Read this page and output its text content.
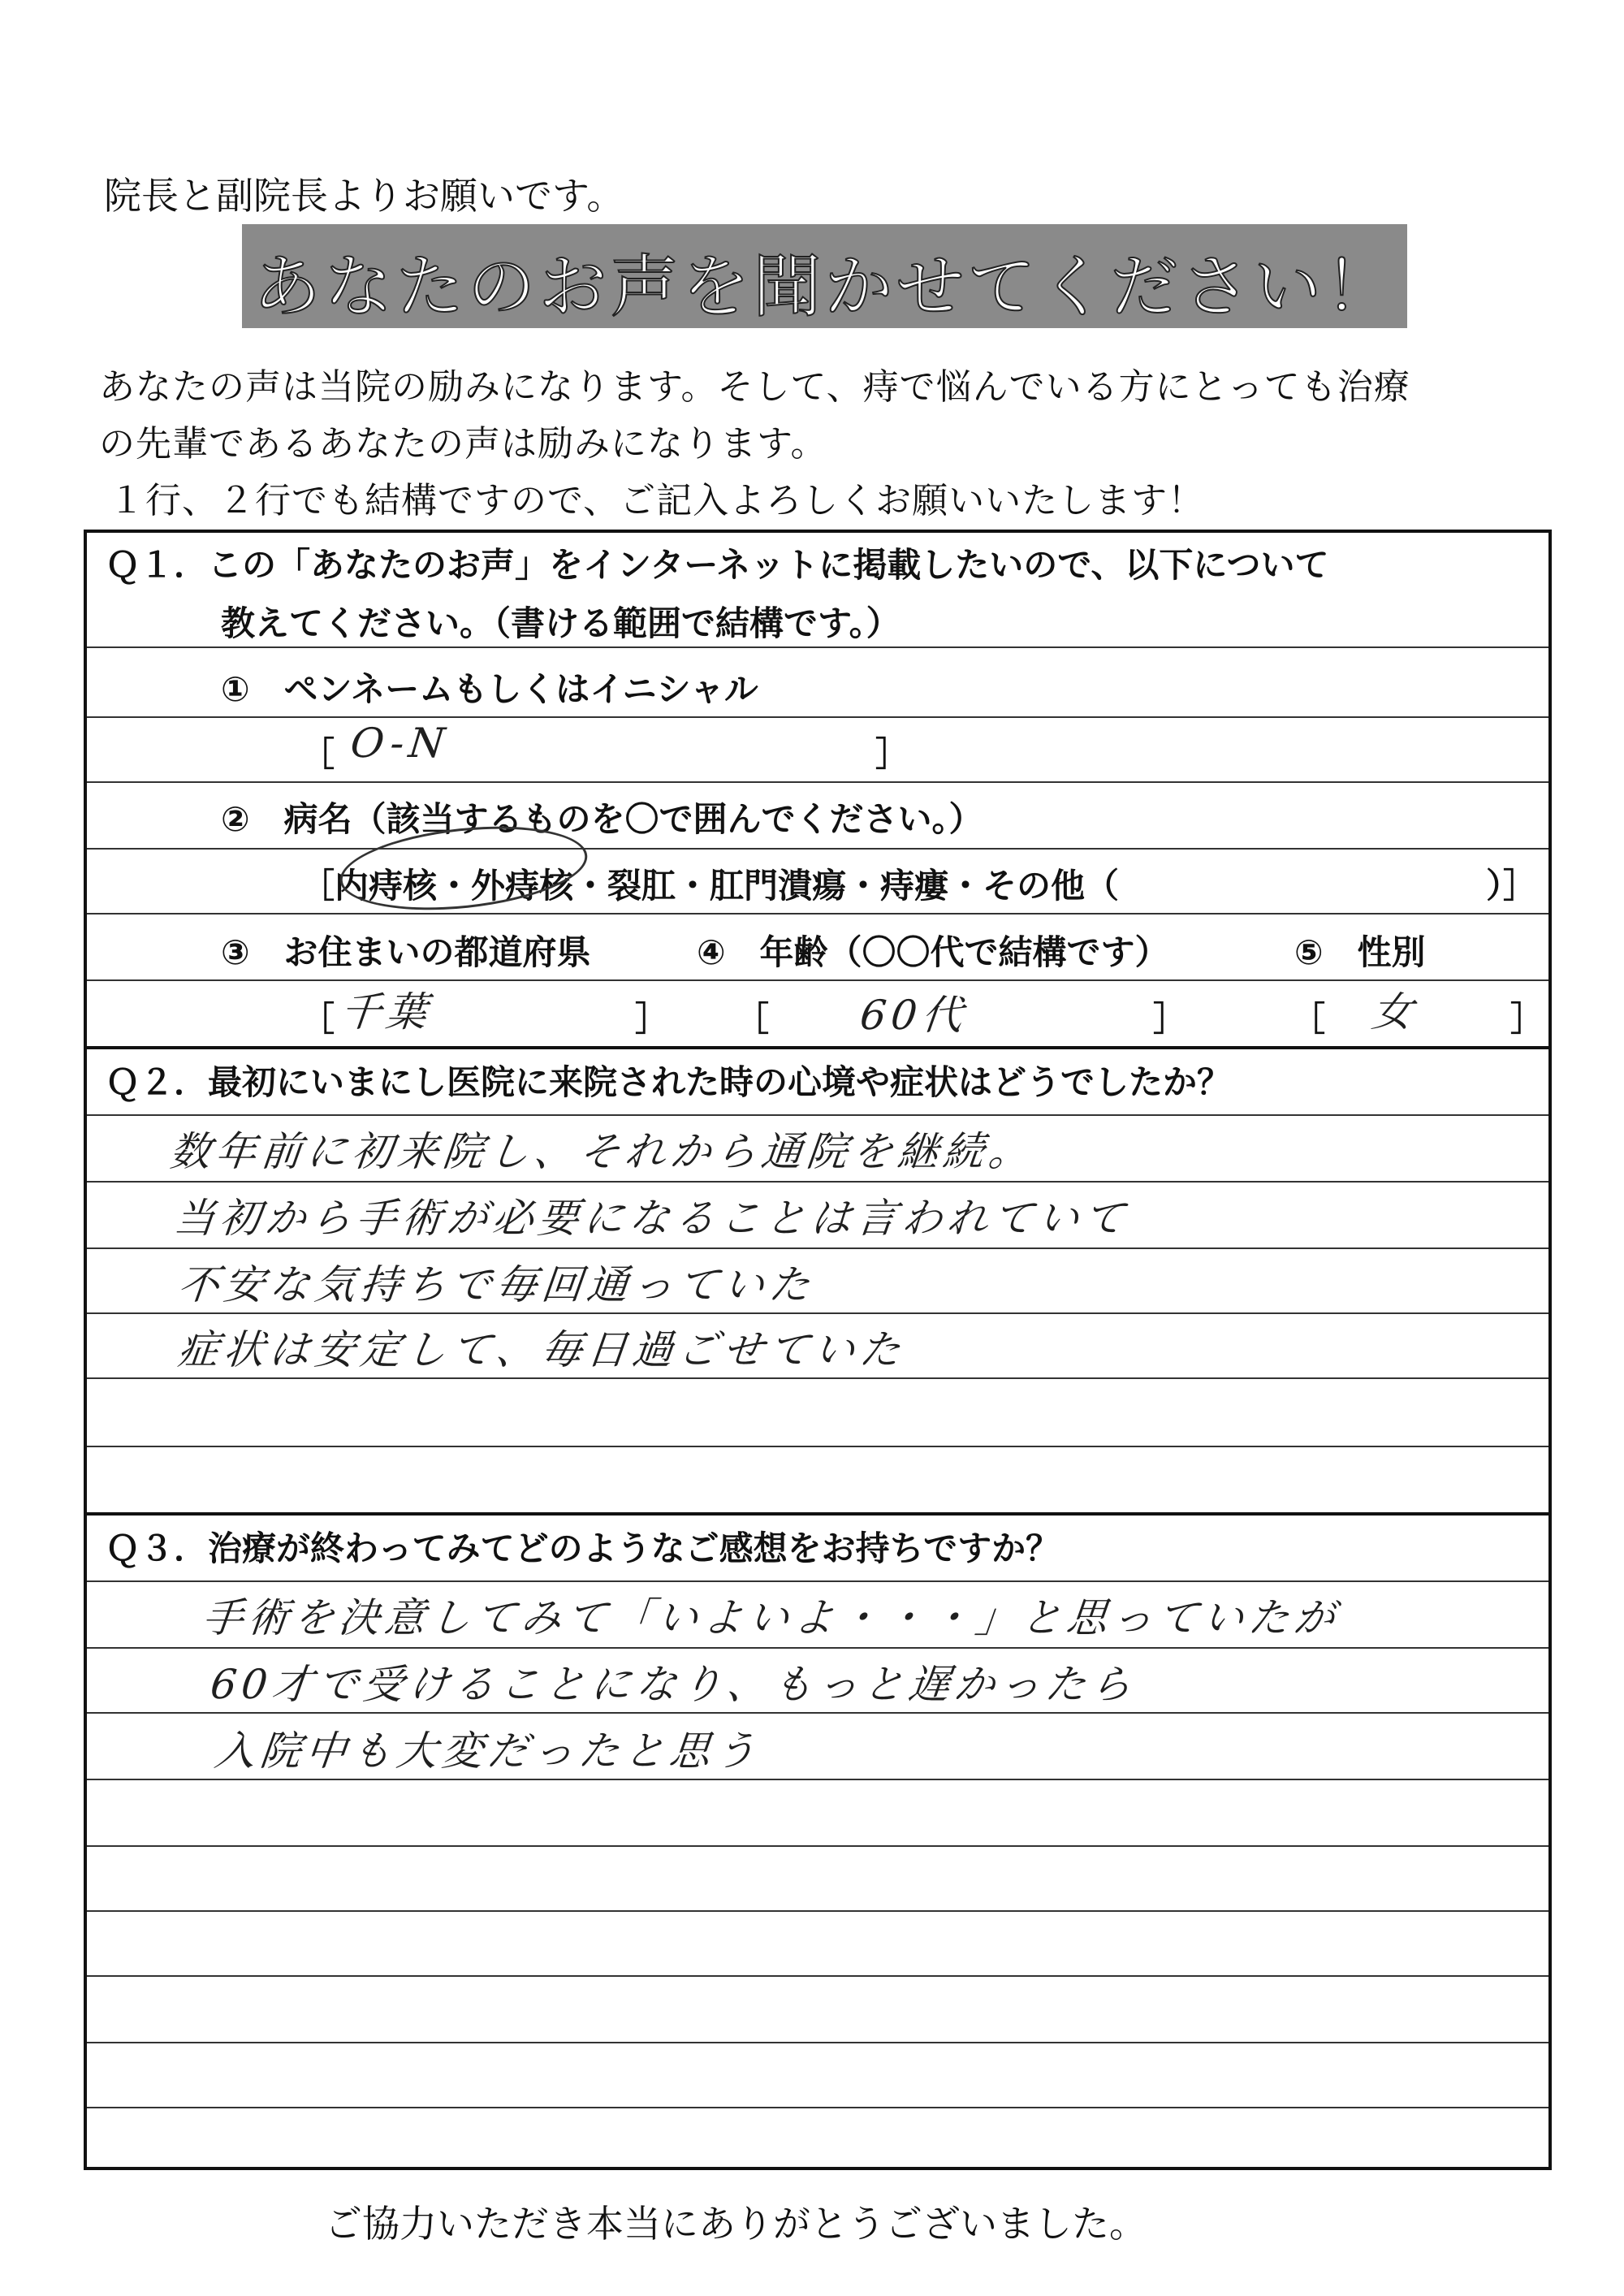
院長と副院長よりお願いです。
あなたのお声を聞かせてください！
あなたの声は当院の励みになります。そして、痔で悩んでいる方にとっても治療
の先輩であるあなたの声は励みになります。
１行、２行でも結構ですので、ご記入よろしくお願いいたします！
Ｑ１．この「あなたのお声」をインターネットに掲載したいので、以下について
教えてください。（書ける範囲で結構です。）
①　ペンネームもしくはイニシャル
［ O-N	］
②　病名（該当するものを〇で囲んでください。）
［内痔核・外痔核・裂肛・肛門潰瘍・痔瘻・その他（	）］
③　お住まいの都道府県	④　年齢（〇〇代で結構です）	⑤　性別
［ 千葉	］ ［ 60代	］	［ 女	］
Ｑ２．最初にいまにし医院に来院された時の心境や症状はどうでしたか？
数年前に初来院し、それから通院を継続。
当初から手術が必要になることは言われていて
不安な気持ちで毎回通っていた
症状は安定して、毎日過ごせていた
Ｑ３．治療が終わってみてどのようなご感想をお持ちですか？
手術を決意してみて「いよいよ・・・」と思っていたが
60才で受けることになり、もっと遅かったら
入院中も大変だったと思う
ご協力いただき本当にありがとうございました。
